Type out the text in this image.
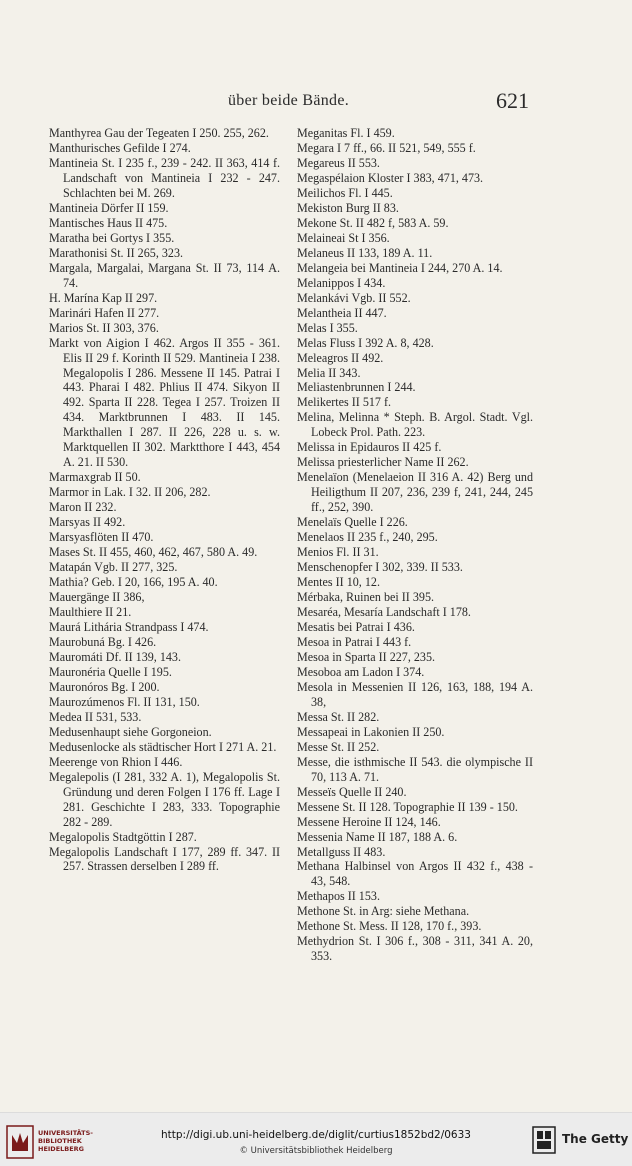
über beide Bände.	621
Manthyrea Gau der Tegeaten I 250. 255, 262.
Manthurisches Gefilde I 274.
Mantineia St. I 235 f., 239 - 242. II 363, 414 f. Landschaft von Mantineia I 232 - 247. Schlachten bei M. 269.
Mantineia Dörfer II 159.
Mantisches Haus II 475.
Maratha bei Gortys I 355.
Marathonisi St. II 265, 323.
Margala, Margalai, Margana St. II 73, 114 A. 74.
H. Marína Kap II 297.
Marinári Hafen II 277.
Marios St. II 303, 376.
Markt von Aigion I 462. Argos II 355 - 361. Elis II 29 f. Korinth II 529. Mantineia I 238. Megalopolis I 286. Messene II 145. Patrai I 443. Pharai I 482. Phlius II 474. Sikyon II 492. Sparta II 228. Tegea I 257. Troizen II 434. Marktbrunnen I 483. II 145. Markthallen I 287. II 226, 228 u. s. w. Marktquellen II 302. Marktthore I 443, 454 A. 21. II 530.
Marmaxgrab II 50.
Marmor in Lak. I 32. II 206, 282.
Maron II 232.
Marsyas II 492.
Marsyasflöten II 470.
Mases St. II 455, 460, 462, 467, 580 A. 49.
Matapán Vgb. II 277, 325.
Mathia? Geb. I 20, 166, 195 A. 40.
Mauergänge II 386,
Maulthiere II 21.
Maurá Lithária Strandpass I 474.
Maurobuná Bg. I 426.
Mauromáti Df. II 139, 143.
Mauronéria Quelle I 195.
Mauronóros Bg. I 200.
Maurozúmenos Fl. II 131, 150.
Medea II 531, 533.
Medusenhaupt siehe Gorgoneion.
Medusenlocke als städtischer Hort I 271 A. 21.
Meerenge von Rhion I 446.
Megalepolis (I 281, 332 A. 1), Megalopolis St. Gründung und deren Folgen I 176 ff. Lage I 281. Geschichte I 283, 333. Topographie 282 - 289.
Megalopolis Stadtgöttin I 287.
Megalopolis Landschaft I 177, 289 ff. 347. II 257. Strassen derselben I 289 ff.
Meganitas Fl. I 459.
Megara I 7 ff., 66. II 521, 549, 555 f.
Megareus II 553.
Megaspélaion Kloster I 383, 471, 473.
Meilichos Fl. I 445.
Mekiston Burg II 83.
Mekone St. II 482 f, 583 A. 59.
Melaineai St I 356.
Melaneus II 133, 189 A. 11.
Melangeia bei Mantineia I 244, 270 A. 14.
Melanippos I 434.
Melankávi Vgb. II 552.
Melantheia II 447.
Melas I 355.
Melas Fluss I 392 A. 8, 428.
Meleagros II 492.
Melia II 343.
Meliastenbrunnen I 244.
Melikertes II 517 f.
Melina, Melinna * Steph. B. Argol. Stadt. Vgl. Lobeck Prol. Path. 223.
Melissa in Epidauros II 425 f.
Melissa priesterlicher Name II 262.
Menelaïon (Menelaeion II 316 A. 42) Berg und Heiligthum II 207, 236, 239 f, 241, 244, 245 ff., 252, 390.
Menelaïs Quelle I 226.
Menelaos II 235 f., 240, 295.
Menios Fl. II 31.
Menschenopfer I 302, 339. II 533.
Mentes II 10, 12.
Mérbaka, Ruinen bei II 395.
Mesaréa, Mesaría Landschaft I 178.
Mesatis bei Patrai I 436.
Mesoa in Patrai I 443 f.
Mesoa in Sparta II 227, 235.
Mesoboa am Ladon I 374.
Mesola in Messenien II 126, 163, 188, 194 A. 38,
Messa St. II 282.
Messapeai in Lakonien II 250.
Messe St. II 252.
Messe, die isthmische II 543. die olympische II 70, 113 A. 71.
Messeïs Quelle II 240.
Messene St. II 128. Topographie II 139 - 150.
Messene Heroine II 124, 146.
Messenia Name II 187, 188 A. 6.
Metallguss II 483.
Methana Halbinsel von Argos II 432 f., 438 - 43, 548.
Methapos II 153.
Methone St. in Arg: siehe Methana.
Methone St. Mess. II 128, 170 f., 393.
Methydrion St. I 306 f., 308 - 311, 341 A. 20, 353.
UNIVERSITÄTS-
BIBLIOTHEK
HEIDELBERG
http://digi.ub.uni-heidelberg.de/diglit/curtius1852bd2/0633
© Universitätsbibliothek Heidelberg
The Getty
